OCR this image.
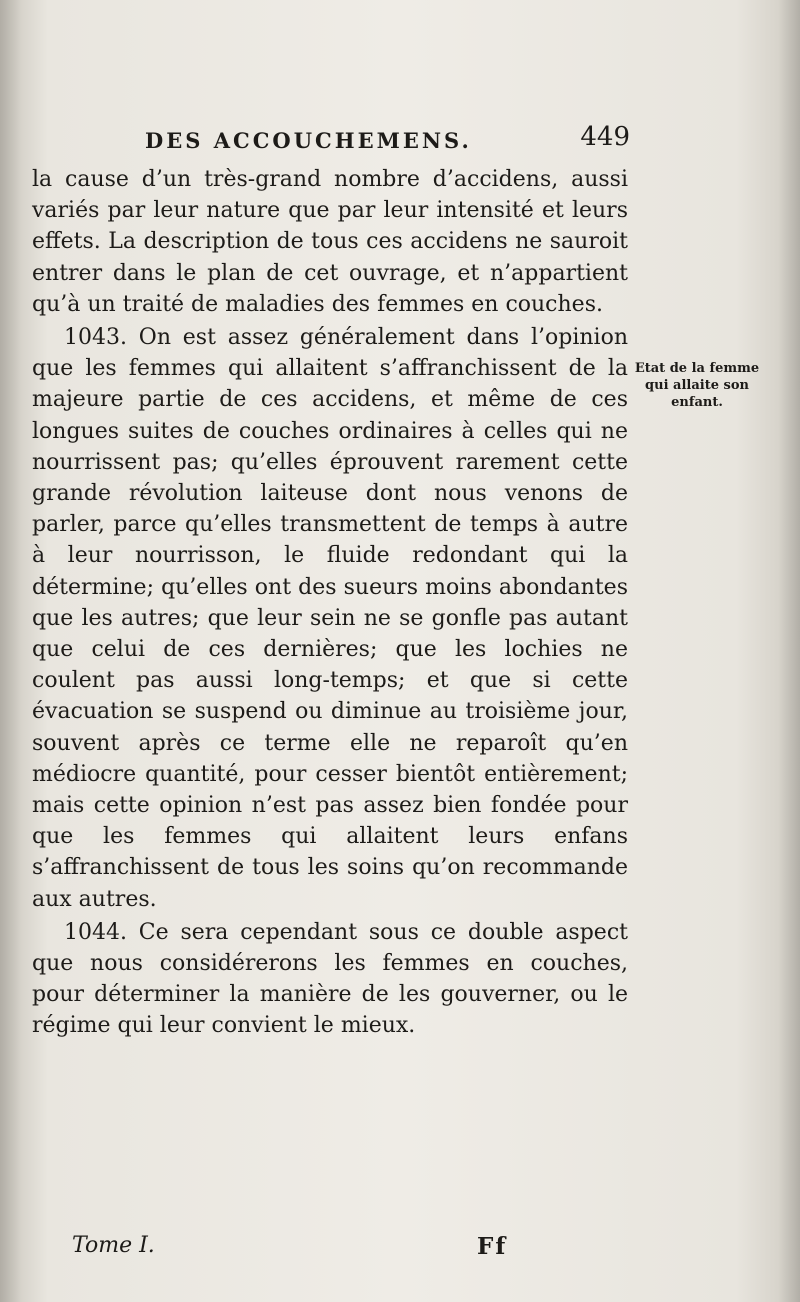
DES ACCOUCHEMENS.	449

la cause d’un très-grand nombre d’accidens, aussi variés par leur nature que par leur intensité et leurs effets. La description de tous ces accidens ne sauroit entrer dans le plan de cet ouvrage, et n’appartient qu’à un traité de maladies des femmes en couches.

1043. On est assez généralement dans l’opinion que les femmes qui allaitent s’affranchissent de la majeure partie de ces accidens, et même de ces longues suites de couches ordinaires à celles qui ne nourrissent pas; qu’elles éprouvent rarement cette grande révolution laiteuse dont nous venons de parler, parce qu’elles transmettent de temps à autre à leur nourrisson, le fluide redondant qui la détermine; qu’elles ont des sueurs moins abondantes que les autres; que leur sein ne se gonfle pas autant que celui de ces dernières; que les lochies ne coulent pas aussi long-temps; et que si cette évacuation se suspend ou diminue au troisième jour, souvent après ce terme elle ne reparoît qu’en médiocre quantité, pour cesser bientôt entièrement; mais cette opinion n’est pas assez bien fondée pour que les femmes qui allaitent leurs enfans s’affranchissent de tous les soins qu’on recommande aux autres.

1044. Ce sera cependant sous ce double aspect que nous considérerons les femmes en couches, pour déterminer la manière de les gouverner, ou le régime qui leur convient le mieux.

Etat de la femme qui allaite son enfant.
Tome I.	Ff
